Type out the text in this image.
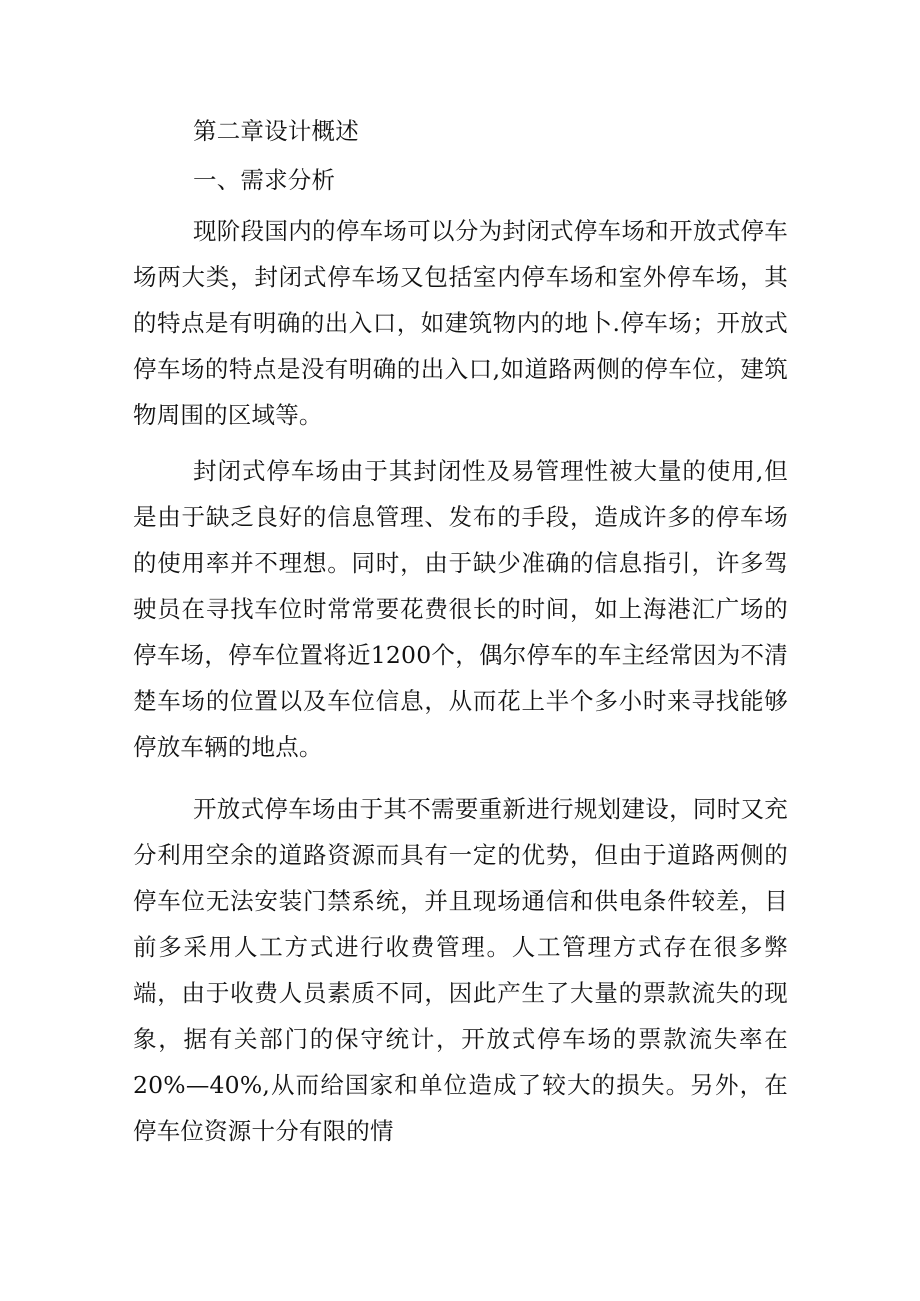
第二章设计概述
一、需求分析

现阶段国内的停车场可以分为封闭式停车场和开放式停车场两大类，封闭式停车场又包括室内停车场和室外停车场，其的特点是有明确的出入口，如建筑物内的地卜.停车场；开放式停车场的特点是没有明确的出入口,如道路两侧的停车位，建筑物周围的区域等。

封闭式停车场由于其封闭性及易管理性被大量的使用,但是由于缺乏良好的信息管理、发布的手段，造成许多的停车场的使用率并不理想。同时，由于缺少准确的信息指引，许多驾驶员在寻找车位时常常要花费很长的时间，如上海港汇广场的停车场，停车位置将近1200个，偶尔停车的车主经常因为不清楚车场的位置以及车位信息，从而花上半个多小时来寻找能够停放车辆的地点。

开放式停车场由于其不需要重新进行规划建设，同时又充分利用空余的道路资源而具有一定的优势，但由于道路两侧的停车位无法安装门禁系统，并且现场通信和供电条件较差，目前多采用人工方式进行收费管理。人工管理方式存在很多弊端，由于收费人员素质不同，因此产生了大量的票款流失的现象，据有关部门的保守统计，开放式停车场的票款流失率在20%—40%,从而给国家和单位造成了较大的损失。另外，在停车位资源十分有限的情
